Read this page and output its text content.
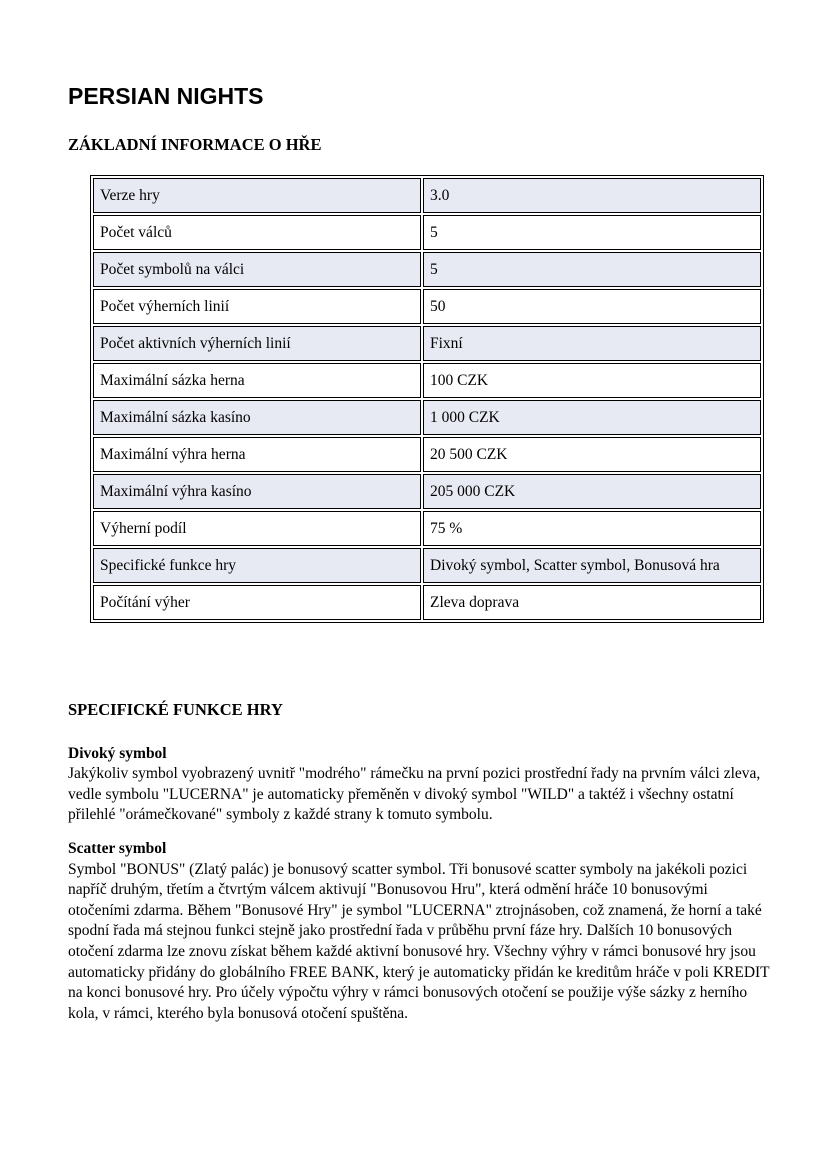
PERSIAN NIGHTS
ZÁKLADNÍ INFORMACE O HŘE
Verze hry	3.0
Počet válců	5
Počet symbolů na válci	5
Počet výherních linií	50
Počet aktivních výherních linií	Fixní
Maximální sázka herna	100 CZK
Maximální sázka kasíno	1 000 CZK
Maximální výhra herna	20 500 CZK
Maximální výhra kasíno	205 000 CZK
Výherní podíl	75 %
Specifické funkce hry	Divoký symbol, Scatter symbol, Bonusová hra
Počítání výher	Zleva doprava
SPECIFICKÉ FUNKCE HRY
Divoký symbol
Jakýkoliv symbol vyobrazený uvnitř "modrého" rámečku na první pozici prostřední řady na prvním válci zleva, vedle symbolu "LUCERNA" je automaticky přeměněn v divoký symbol "WILD" a taktéž i všechny ostatní přilehlé "orámečkované" symboly z každé strany k tomuto symbolu.
Scatter symbol
Symbol "BONUS" (Zlatý palác) je bonusový scatter symbol. Tři bonusové scatter symboly na jakékoli pozici napříč druhým, třetím a čtvrtým válcem aktivují "Bonusovou Hru", která odmění hráče 10 bonusovými otočeními zdarma. Během "Bonusové Hry" je symbol "LUCERNA" ztrojnásoben, což znamená, že horní a také spodní řada má stejnou funkci stejně jako prostřední řada v průběhu první fáze hry. Dalších 10 bonusových otočení zdarma lze znovu získat během každé aktivní bonusové hry. Všechny výhry v rámci bonusové hry jsou automaticky přidány do globálního FREE BANK, který je automaticky přidán ke kreditům hráče v poli KREDIT na konci bonusové hry. Pro účely výpočtu výhry v rámci bonusových otočení se použije výše sázky z herního kola, v rámci, kterého byla bonusová otočení spuštěna.
